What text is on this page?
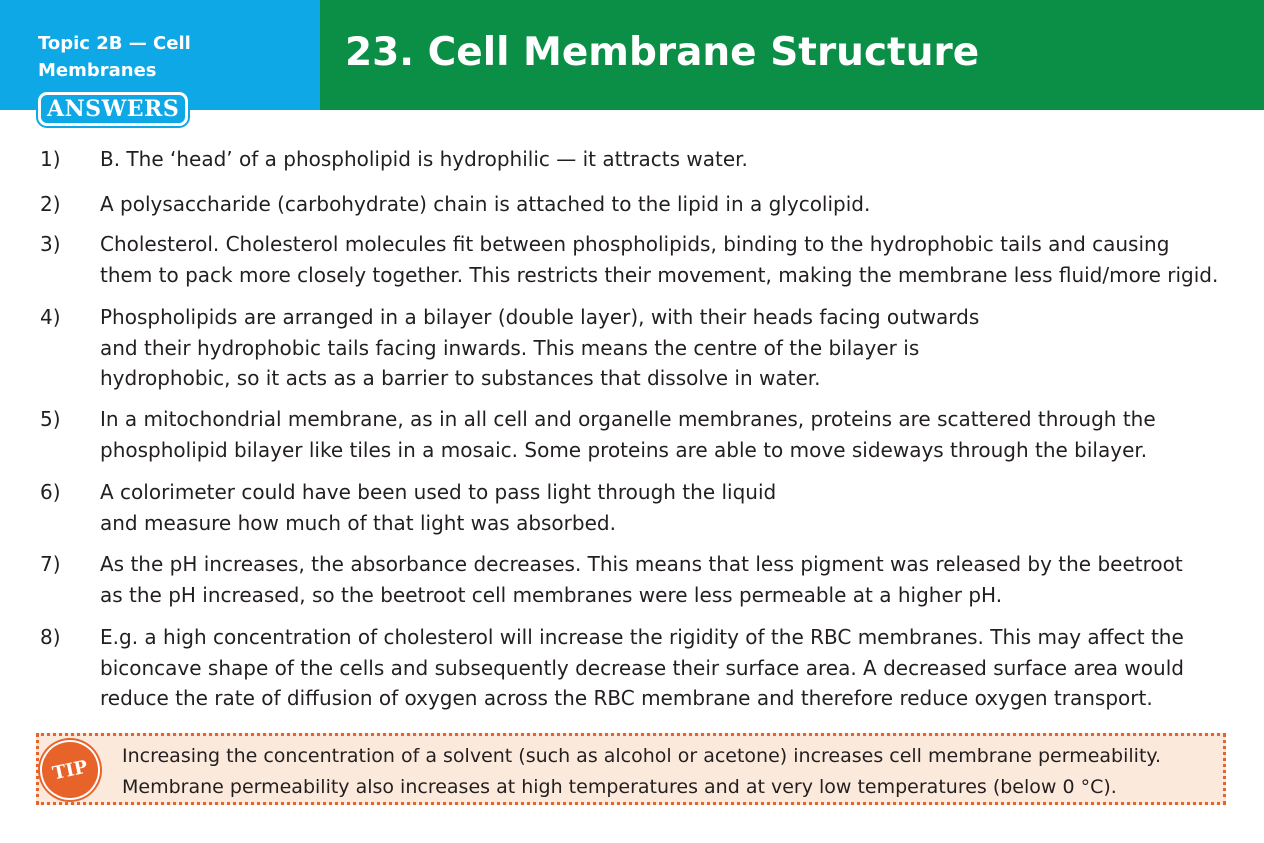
Topic 2B — Cell Membranes
ANSWERS
23. Cell Membrane Structure
1)	B. The ‘head’ of a phospholipid is hydrophilic — it attracts water.
2)	A polysaccharide (carbohydrate) chain is attached to the lipid in a glycolipid.
3)	Cholesterol. Cholesterol molecules fit between phospholipids, binding to the hydrophobic tails and causing
them to pack more closely together. This restricts their movement, making the membrane less fluid/more rigid.
4)	Phospholipids are arranged in a bilayer (double layer), with their heads facing outwards
and their hydrophobic tails facing inwards. This means the centre of the bilayer is
hydrophobic, so it acts as a barrier to substances that dissolve in water.
5)	In a mitochondrial membrane, as in all cell and organelle membranes, proteins are scattered through the
phospholipid bilayer like tiles in a mosaic. Some proteins are able to move sideways through the bilayer.
6)	A colorimeter could have been used to pass light through the liquid
and measure how much of that light was absorbed.
7)	As the pH increases, the absorbance decreases. This means that less pigment was released by the beetroot
as the pH increased, so the beetroot cell membranes were less permeable at a higher pH.
8)	E.g. a high concentration of cholesterol will increase the rigidity of the RBC membranes. This may affect the
biconcave shape of the cells and subsequently decrease their surface area. A decreased surface area would
reduce the rate of diffusion of oxygen across the RBC membrane and therefore reduce oxygen transport.
TIP
Increasing the concentration of a solvent (such as alcohol or acetone) increases cell membrane permeability.
Membrane permeability also increases at high temperatures and at very low temperatures (below 0 °C).
